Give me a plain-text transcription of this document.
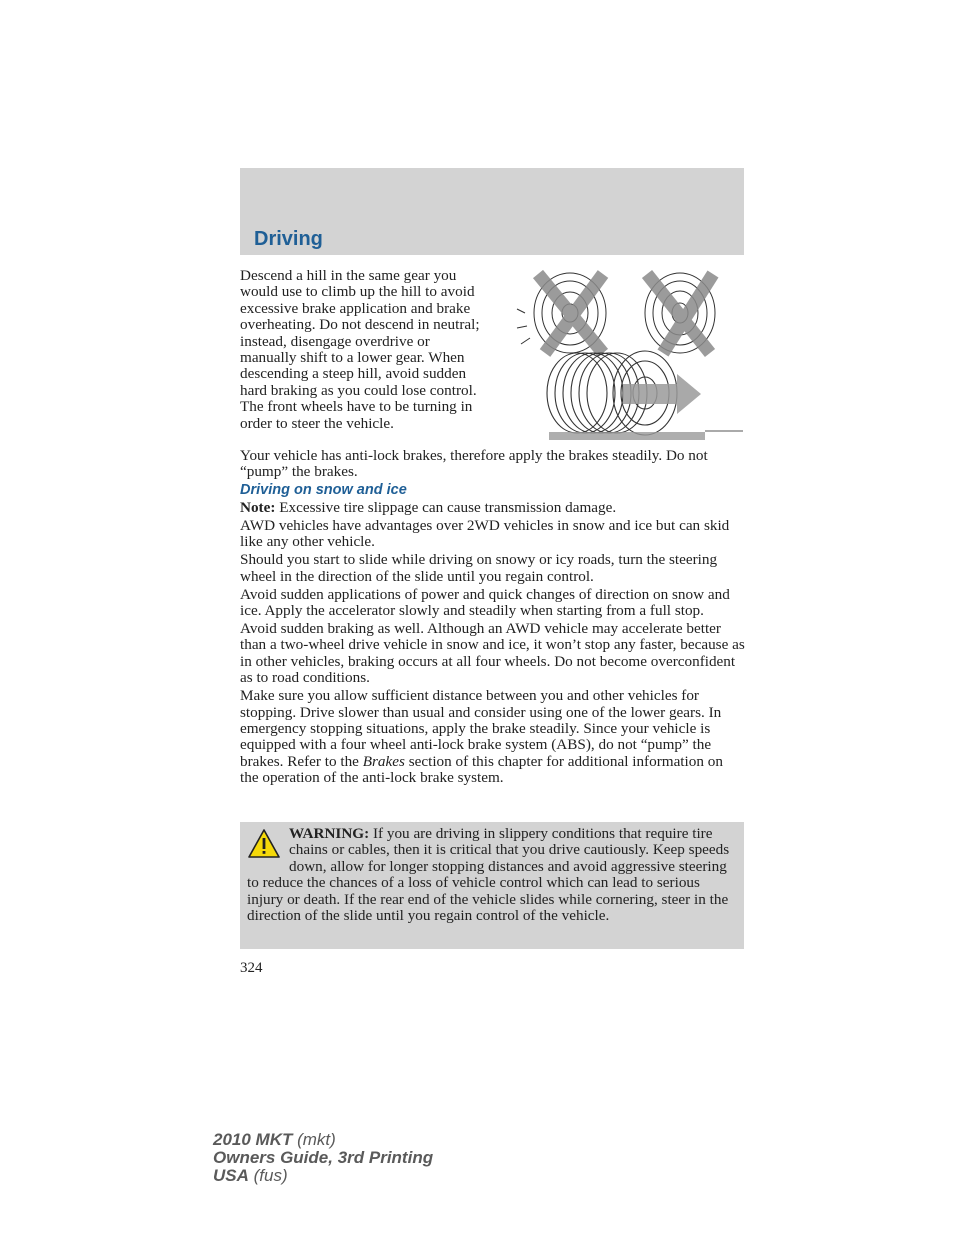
Driving

Descend a hill in the same gear you would use to climb up the hill to avoid excessive brake application and brake overheating. Do not descend in neutral; instead, disengage overdrive or manually shift to a lower gear. When descending a steep hill, avoid sudden hard braking as you could lose control. The front wheels have to be turning in order to steer the vehicle.

Your vehicle has anti-lock brakes, therefore apply the brakes steadily. Do not “pump” the brakes.

Driving on snow and ice

Note: Excessive tire slippage can cause transmission damage.

AWD vehicles have advantages over 2WD vehicles in snow and ice but can skid like any other vehicle.

Should you start to slide while driving on snowy or icy roads, turn the steering wheel in the direction of the slide until you regain control.

Avoid sudden applications of power and quick changes of direction on snow and ice. Apply the accelerator slowly and steadily when starting from a full stop.

Avoid sudden braking as well. Although an AWD vehicle may accelerate better than a two-wheel drive vehicle in snow and ice, it won’t stop any faster, because as in other vehicles, braking occurs at all four wheels. Do not become overconfident as to road conditions.

Make sure you allow sufficient distance between you and other vehicles for stopping. Drive slower than usual and consider using one of the lower gears. In emergency stopping situations, apply the brake steadily. Since your vehicle is equipped with a four wheel anti-lock brake system (ABS), do not “pump” the brakes. Refer to the Brakes section of this chapter for additional information on the operation of the anti-lock brake system.

WARNING: If you are driving in slippery conditions that require tire chains or cables, then it is critical that you drive cautiously. Keep speeds down, allow for longer stopping distances and avoid aggressive steering to reduce the chances of a loss of vehicle control which can lead to serious injury or death. If the rear end of the vehicle slides while cornering, steer in the direction of the slide until you regain control of the vehicle.
324
2010 MKT (mkt)
Owners Guide, 3rd Printing
USA (fus)
